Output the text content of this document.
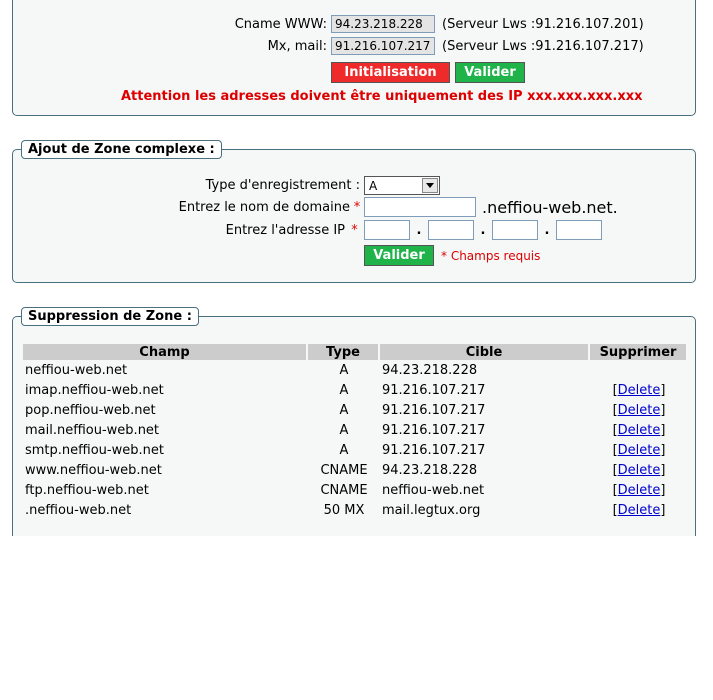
Cname WWW:
94.23.218.228	(Serveur Lws :91.216.107.201)
Mx, mail:
91.216.107.217	(Serveur Lws :91.216.107.217)
Initialisation	Valider
Attention les adresses doivent être uniquement des IP xxx.xxx.xxx.xxx
Ajout de Zone complexe :
Type d'enregistrement : A
Entrez le nom de domaine *	.neffiou-web.net.
Entrez l'adresse IP *	.	.	.
Valider	* Champs requis
Suppression de Zone :
Champ	Type	Cible	Supprimer
neffiou-web.net	A	94.23.218.228	
imap.neffiou-web.net	A	91.216.107.217	[Delete]
pop.neffiou-web.net	A	91.216.107.217	[Delete]
mail.neffiou-web.net	A	91.216.107.217	[Delete]
smtp.neffiou-web.net	A	91.216.107.217	[Delete]
www.neffiou-web.net	CNAME	94.23.218.228	[Delete]
ftp.neffiou-web.net	CNAME	neffiou-web.net	[Delete]
.neffiou-web.net	50 MX	mail.legtux.org	[Delete]
